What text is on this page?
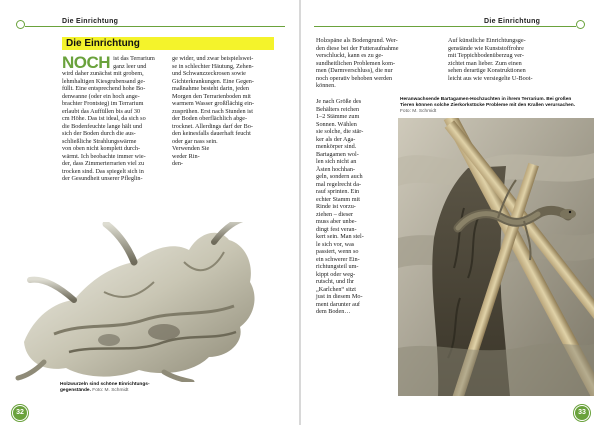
Die Einrichtung
Die Einrichtung
NOCH ist das Terrarium
ganz leer und
wird daher zunächst mit grobem,
lehmhaltigen Kiesgrubensand ge-
füllt. Eine entsprechend hohe Bo-
denwanne (oder ein hoch ange-
brachter Frontsteg) im Terrarium
erlaubt das Auffüllen bis auf 30
cm Höhe. Das ist ideal, da sich so
die Bodenfeuchte lange hält und
sich der Boden durch die aus-
schließliche Strahlungswärme
von oben nicht komplett durch-
wärmt. Ich beobachte immer wie-
der, dass Zimmerterrarien viel zu
trocken sind. Das spiegelt sich in
der Gesundheit unserer Pfleglin-
ge wider, und zwar beispielswei-
se in schlechter Häutung, Zehen-
und Schwanzzeckrosen sowie
Gichterkrankungen. Eine Gegen-
maßnahme besteht darin, jeden
Morgen den Terrarienboden mit
warmem Wasser großflächig ein-
zusprühen. Erst nach Stunden ist
der Boden oberflächlich abge-
trocknet. Allerdings darf der Bo-
den keinesfalls dauerhaft feucht
oder gar nass sein.
Verwenden Sie
weder Rin-
den-
Holzwurzeln sind schöne Einrichtungs-gegenstände. Foto: M. Schmidt
32
Die Einrichtung
Holzspäne als Bodengrund. Wer-
den diese bei der Futteraufnahme
verschluckt, kann es zu ge-
sundheitlichen Problemen kom-
men (Darmverschluss), die nur
noch operativ behoben werden
können.
Je nach Größe des
Behälters reichen
1–2 Stämme zum
Sonnen. Wählen
sie solche, die stär-
ker als der Aga-
menkörper sind.
Bartagamen wol-
len sich nicht an
Ästen hochhan-
geln, sondern auch
mal regelrecht da-
rauf sprinten. Ein
echter Stamm mit
Rinde ist vorzu-
ziehen – dieser
muss aber unbe-
dingt fest veran-
kert sein. Man stel-
le sich vor, was
passiert, wenn so
ein schwerer Ein-
richtungsteil um-
kippt oder weg-
rutscht, und Ihr
„Karlchen“ sitzt
just in diesem Mo-
ment darunter auf
dem Boden…
Auf künstliche Einrichtungsge-
genstände wie Kunststoffrohre
mit Teppichbodenüberzug ver-
zichtet man lieber. Zum einen
sehen derartige Konstruktionen
leicht aus wie versiegelte U-Boot-
Heranwachsende Bartagamen-Hochzuchten in ihrem Terrarium. Bei großen Tieren können solche Zierkorkstücke Probleme mit den Krallen verursachen. Foto: M. Schmidt
33
